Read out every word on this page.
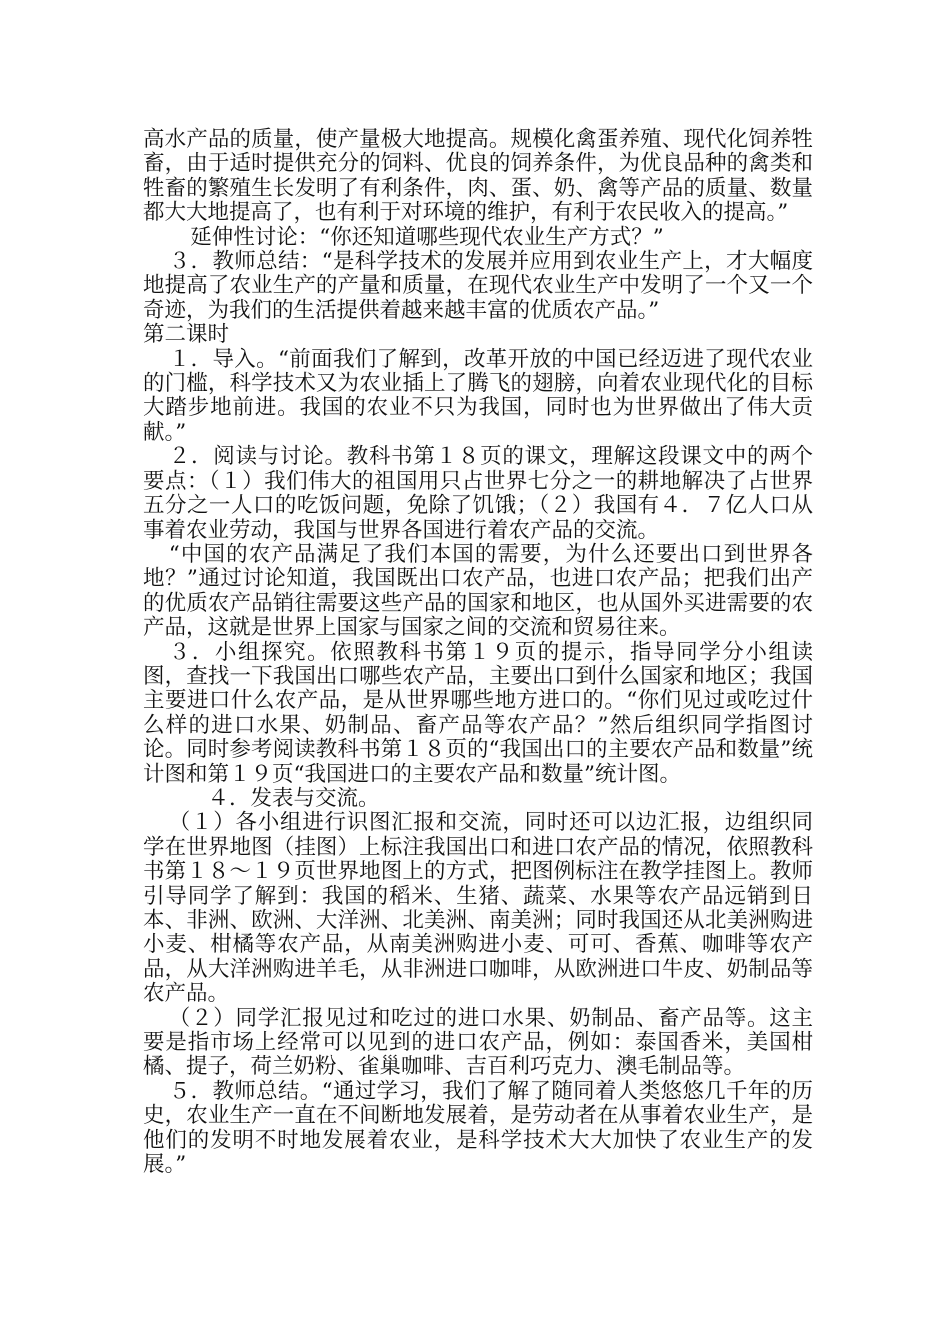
高水产品的质量，使产量极大地提高。规模化禽蛋养殖、现代化饲养牲畜，由于适时提供充分的饲料、优良的饲养条件，为优良品种的禽类和牲畜的繁殖生长发明了有利条件，肉、蛋、奶、禽等产品的质量、数量都大大地提高了，也有利于对环境的维护，有利于农民收入的提高。”

延伸性讨论：“你还知道哪些现代农业生产方式？”

３．教师总结：“是科学技术的发展并应用到农业生产上，才大幅度地提高了农业生产的产量和质量，在现代农业生产中发明了一个又一个奇迹，为我们的生活提供着越来越丰富的优质农产品。”

第二课时

１．导入。“前面我们了解到，改革开放的中国已经迈进了现代农业的门槛，科学技术又为农业插上了腾飞的翅膀，向着农业现代化的目标大踏步地前进。我国的农业不只为我国，同时也为世界做出了伟大贡献。”

２．阅读与讨论。教科书第１８页的课文，理解这段课文中的两个要点：（１）我们伟大的祖国用只占世界七分之一的耕地解决了占世界五分之一人口的吃饭问题，免除了饥饿；（２）我国有４．７亿人口从事着农业劳动，我国与世界各国进行着农产品的交流。

“中国的农产品满足了我们本国的需要，为什么还要出口到世界各地？”通过讨论知道，我国既出口农产品，也进口农产品；把我们出产的优质农产品销往需要这些产品的国家和地区，也从国外买进需要的农产品，这就是世界上国家与国家之间的交流和贸易往来。

３．小组探究。依照教科书第１９页的提示，指导同学分小组读图，查找一下我国出口哪些农产品，主要出口到什么国家和地区；我国主要进口什么农产品，是从世界哪些地方进口的。“你们见过或吃过什么样的进口水果、奶制品、畜产品等农产品？”然后组织同学指图讨论。同时参考阅读教科书第１８页的“我国出口的主要农产品和数量”统计图和第１９页“我国进口的主要农产品和数量”统计图。

４．发表与交流。

（１）各小组进行识图汇报和交流，同时还可以边汇报，边组织同学在世界地图（挂图）上标注我国出口和进口农产品的情况，依照教科书第１８～１９页世界地图上的方式，把图例标注在教学挂图上。教师引导同学了解到：我国的稻米、生猪、蔬菜、水果等农产品远销到日本、非洲、欧洲、大洋洲、北美洲、南美洲；同时我国还从北美洲购进小麦、柑橘等农产品，从南美洲购进小麦、可可、香蕉、咖啡等农产品，从大洋洲购进羊毛，从非洲进口咖啡，从欧洲进口牛皮、奶制品等农产品。

（２）同学汇报见过和吃过的进口水果、奶制品、畜产品等。这主要是指市场上经常可以见到的进口农产品，例如：泰国香米，美国柑橘、提子，荷兰奶粉、雀巢咖啡、吉百利巧克力、澳毛制品等。

５．教师总结。“通过学习，我们了解了随同着人类悠悠几千年的历史，农业生产一直在不间断地发展着，是劳动者在从事着农业生产，是他们的发明不时地发展着农业，是科学技术大大加快了农业生产的发展。”
